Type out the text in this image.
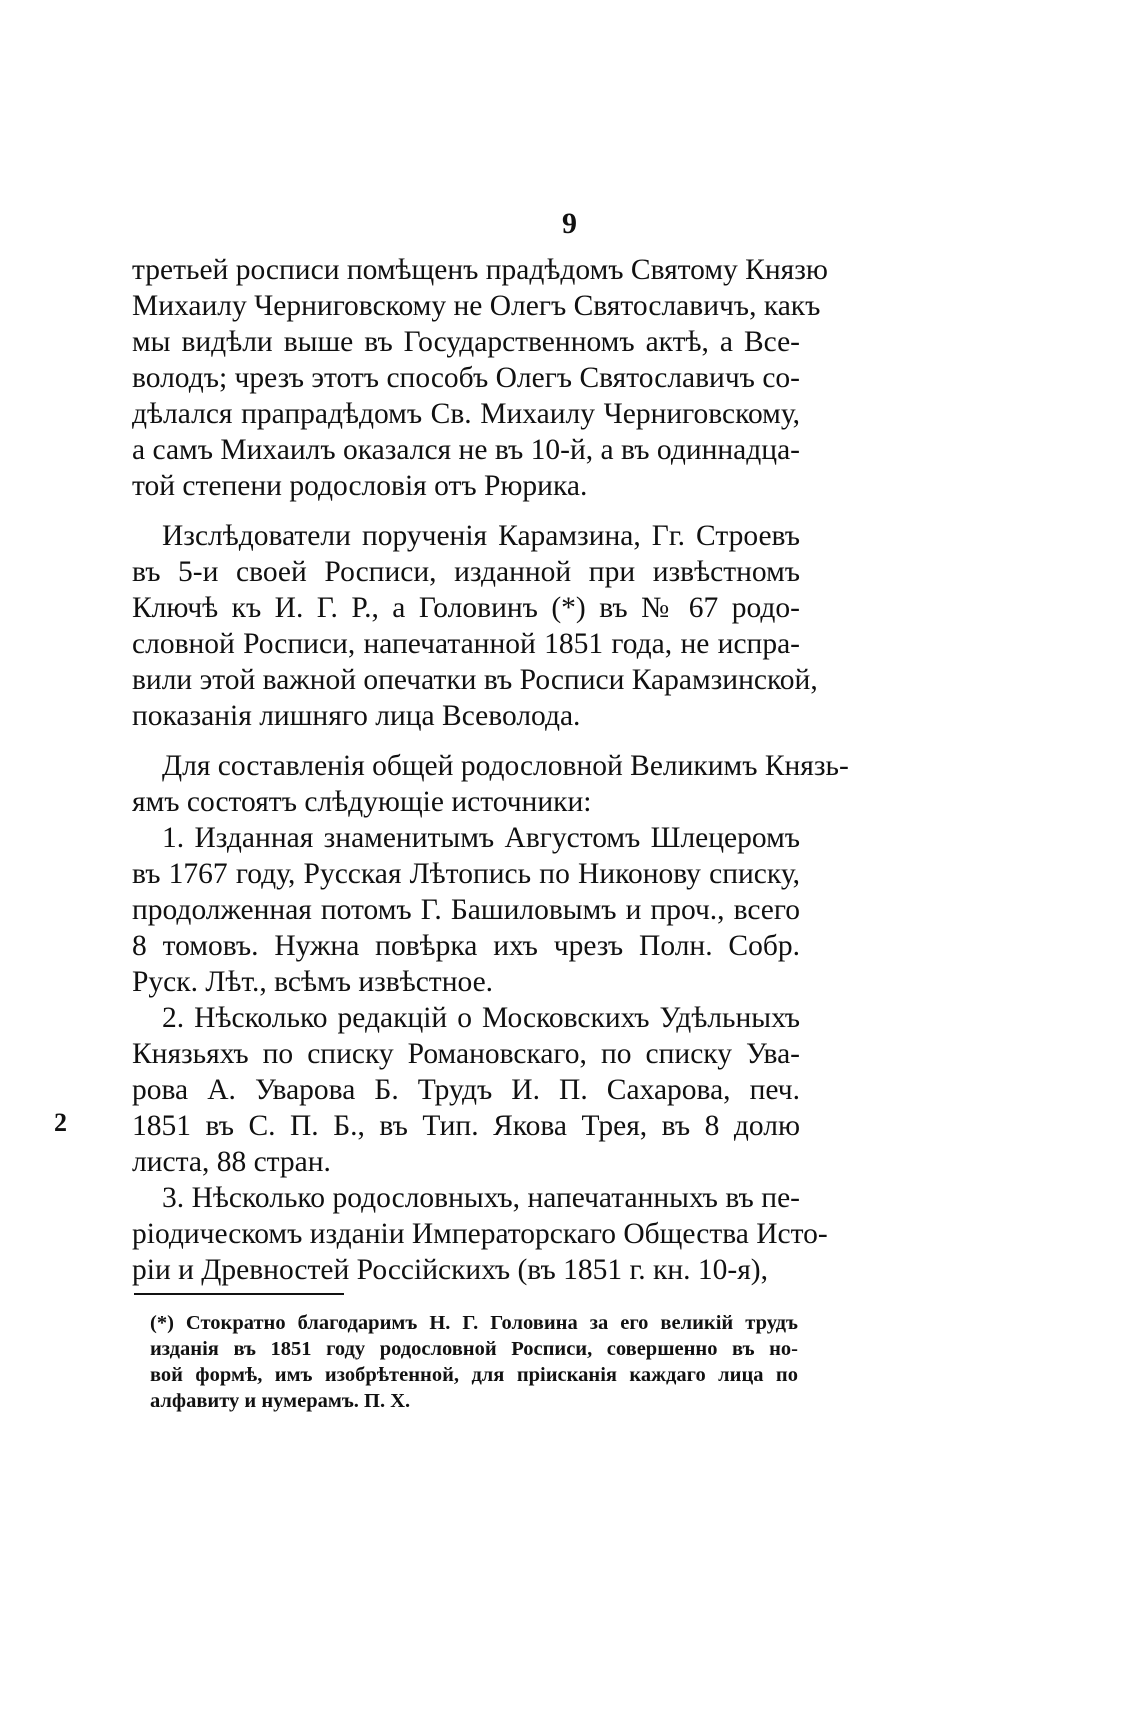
9
третьей росписи помѣщенъ прадѣдомъ Святому Князю
Михаилу Черниговскому не Олегъ Святославичъ, какъ
мы видѣли выше въ Государственномъ актѣ, а Все-
володъ; чрезъ этотъ способъ Олегъ Святославичъ со-
дѣлался прапрадѣдомъ Св. Михаилу Черниговскому,
а самъ Михаилъ оказался не въ 10-й, а въ одиннадца-
той степени родословія отъ Рюрика.
Изслѣдователи порученія Карамзина, Гг. Строевъ
въ 5-и своей Росписи, изданной при извѣстномъ
Ключѣ къ И. Г. Р., а Головинъ (*) въ № 67 родо-
словной Росписи, напечатанной 1851 года, не испра-
вили этой важной опечатки въ Росписи Карамзинской,
показанія лишняго лица Всеволода.
Для составленія общей родословной Великимъ Князь-
ямъ состоятъ слѣдующіе источники:
1. Изданная знаменитымъ Августомъ Шлецеромъ
въ 1767 году, Русская Лѣтопись по Никонову списку,
продолженная потомъ Г. Башиловымъ и проч., всего
8 томовъ. Нужна повѣрка ихъ чрезъ Полн. Собр.
Руск. Лѣт., всѣмъ извѣстное.
2. Нѣсколько редакцій о Московскихъ Удѣльныхъ
Князьяхъ по списку Романовскаго, по списку Ува-
рова А. Уварова Б. Трудъ И. П. Сахарова, печ.
1851 въ С. П. Б., въ Тип. Якова Трея, въ 8 долю
листа, 88 стран.
3. Нѣсколько родословныхъ, напечатанныхъ въ пе-
ріодическомъ изданіи Императорскаго Общества Исто-
ріи и Древностей Россійскихъ (въ 1851 г. кн. 10-я),
(*) Стократно благодаримъ Н. Г. Головина за его великій трудъ
изданія въ 1851 году родословной Росписи, совершенно въ но-
вой формѣ, имъ изобрѣтенной, для пріисканія каждаго лица по
алфавиту и нумерамъ. П. Х.
2
